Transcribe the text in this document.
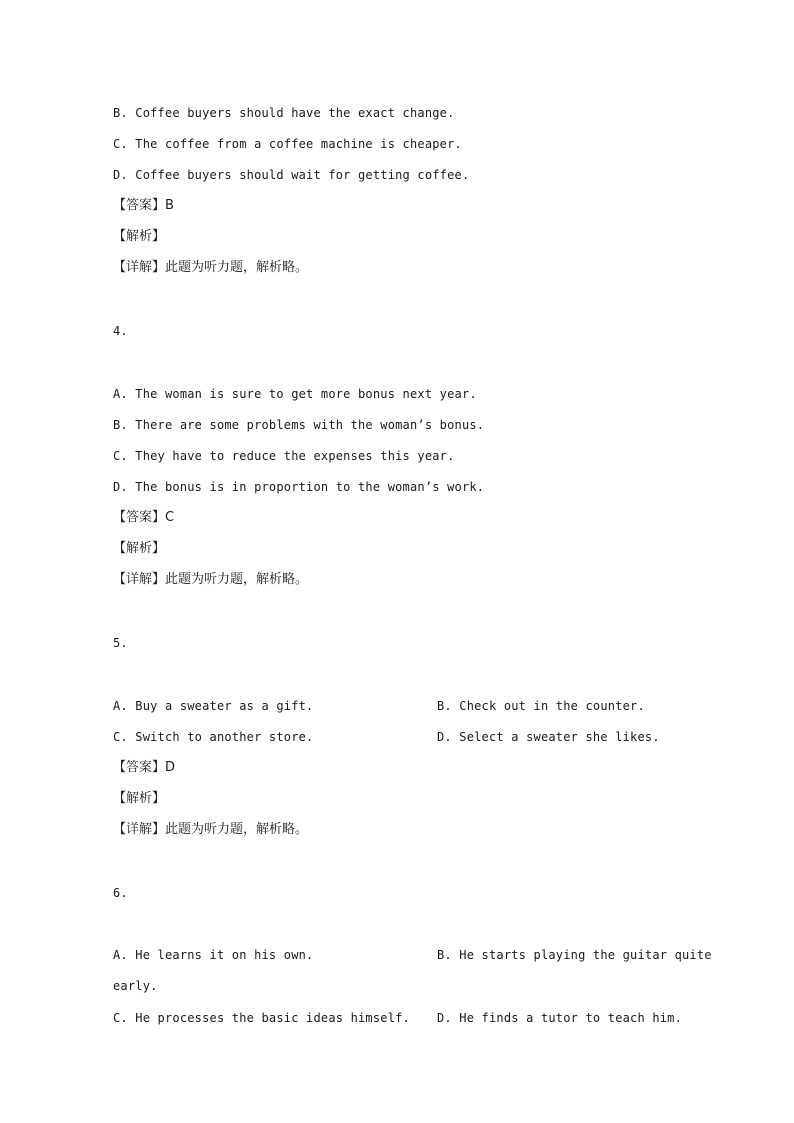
B. Coffee buyers should have the exact change.
C. The coffee from a coffee machine is cheaper.
D. Coffee buyers should wait for getting coffee.
【答案】B
【解析】
【详解】此题为听力题，解析略。
4.
A. The woman is sure to get more bonus next year.
B. There are some problems with the woman’s bonus.
C. They have to reduce the expenses this year.
D. The bonus is in proportion to the woman’s work.
【答案】C
【解析】
【详解】此题为听力题，解析略。
5.
A. Buy a sweater as a gift.	B. Check out in the counter.
C. Switch to another store.	D. Select a sweater she likes.
【答案】D
【解析】
【详解】此题为听力题，解析略。
6.
A. He learns it on his own.	B. He starts playing the guitar quite
early.
C. He processes the basic ideas himself. D. He finds a tutor to teach him.
